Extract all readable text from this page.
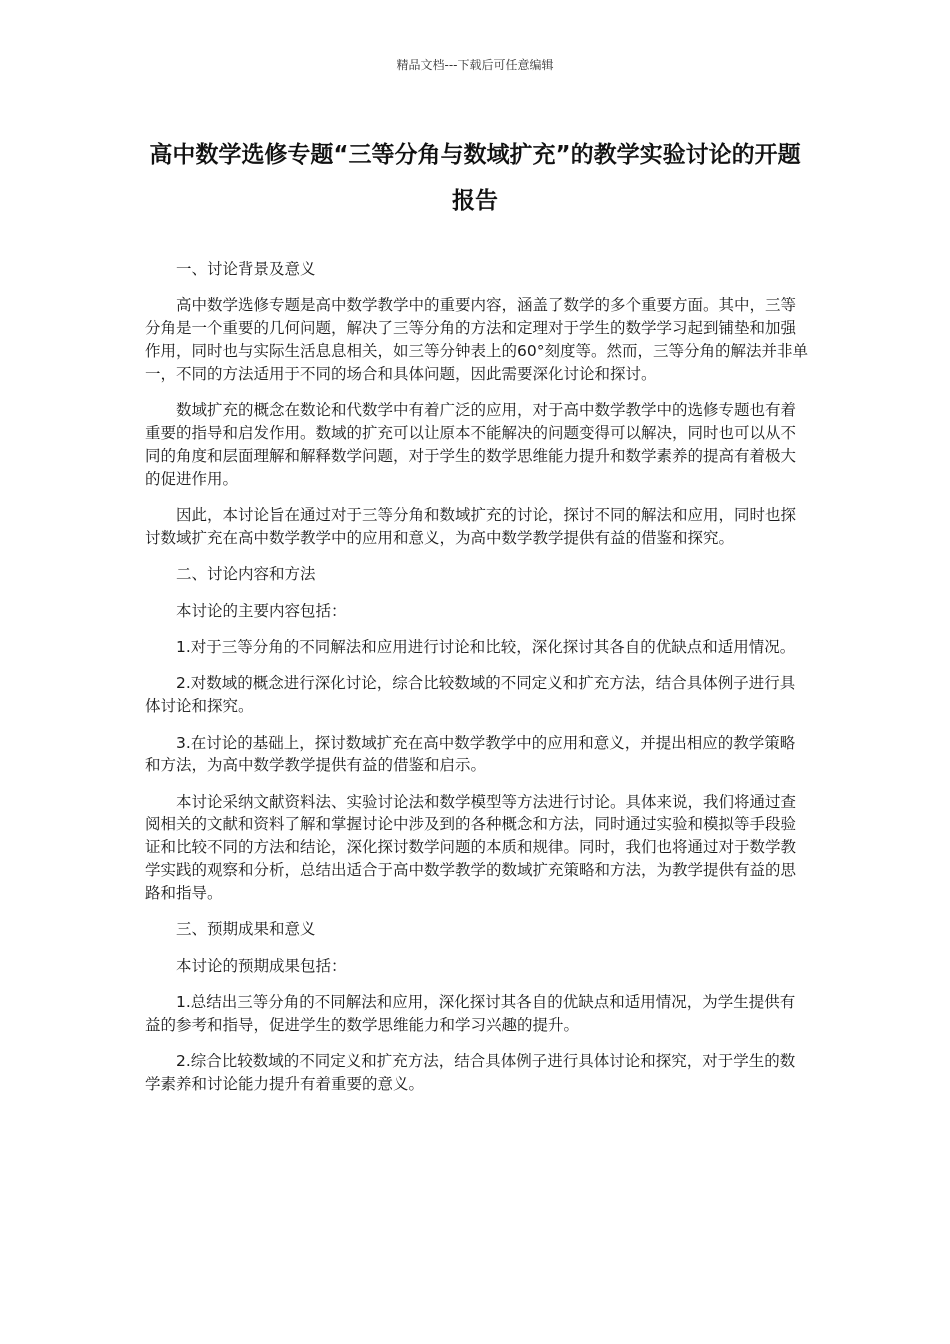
精品文档---下载后可任意编辑
高中数学选修专题“三等分角与数域扩充”的教学实验讨论的开题报告

一、讨论背景及意义

高中数学选修专题是高中数学教学中的重要内容，涵盖了数学的多个重要方面。其中，三等分角是一个重要的几何问题，解决了三等分角的方法和定理对于学生的数学学习起到铺垫和加强作用，同时也与实际生活息息相关，如三等分钟表上的60°刻度等。然而，三等分角的解法并非单一，不同的方法适用于不同的场合和具体问题，因此需要深化讨论和探讨。

数域扩充的概念在数论和代数学中有着广泛的应用，对于高中数学教学中的选修专题也有着重要的指导和启发作用。数域的扩充可以让原本不能解决的问题变得可以解决，同时也可以从不同的角度和层面理解和解释数学问题，对于学生的数学思维能力提升和数学素养的提高有着极大的促进作用。

因此，本讨论旨在通过对于三等分角和数域扩充的讨论，探讨不同的解法和应用，同时也探讨数域扩充在高中数学教学中的应用和意义，为高中数学教学提供有益的借鉴和探究。

二、讨论内容和方法

本讨论的主要内容包括：

1.对于三等分角的不同解法和应用进行讨论和比较，深化探讨其各自的优缺点和适用情况。

2.对数域的概念进行深化讨论，综合比较数域的不同定义和扩充方法，结合具体例子进行具体讨论和探究。

3.在讨论的基础上，探讨数域扩充在高中数学教学中的应用和意义，并提出相应的教学策略和方法，为高中数学教学提供有益的借鉴和启示。

本讨论采纳文献资料法、实验讨论法和数学模型等方法进行讨论。具体来说，我们将通过查阅相关的文献和资料了解和掌握讨论中涉及到的各种概念和方法，同时通过实验和模拟等手段验证和比较不同的方法和结论，深化探讨数学问题的本质和规律。同时，我们也将通过对于数学教学实践的观察和分析，总结出适合于高中数学教学的数域扩充策略和方法，为教学提供有益的思路和指导。

三、预期成果和意义

本讨论的预期成果包括：

1.总结出三等分角的不同解法和应用，深化探讨其各自的优缺点和适用情况，为学生提供有益的参考和指导，促进学生的数学思维能力和学习兴趣的提升。

2.综合比较数域的不同定义和扩充方法，结合具体例子进行具体讨论和探究，对于学生的数学素养和讨论能力提升有着重要的意义。
